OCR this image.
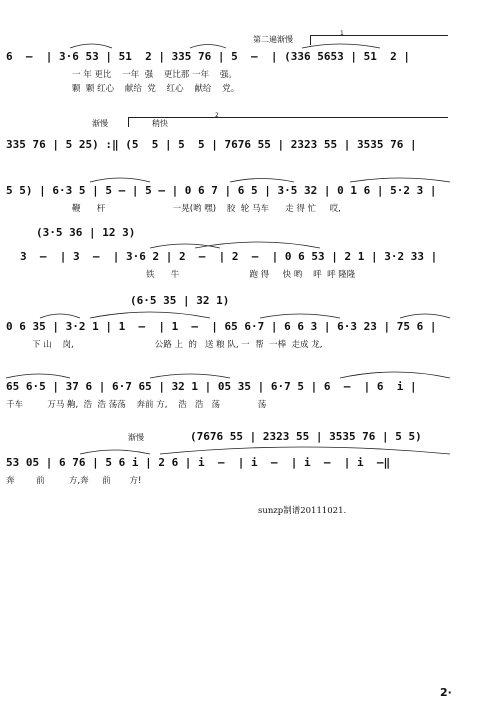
第二遍渐慢
1
6  –  | 3·6 53 | 51  2 | 335 76 | 5  –  | (336 5653 | 51  2 |
一 年 更比    一年  强    更比那 一年    强。
颗  颗 红心    献给  党    红心    献给    党。
渐慢	稍快
2
335 76 | 5 25) :‖ (5  5 | 5  5 | 7676 55 | 2323 55 | 3535 76 |
5 5) | 6·3 5 | 5 – | 5 – | 0 6 7 | 6 5 | 3·5 32 | 0 1 6 | 5·2 3 |
鞭      杆                         一晃(哟 嘿)    胶  轮 马车      走 得 忙     哎,
(3·5 36 | 12 3)
3  –  | 3  –  | 3·6 2 | 2  –  | 2  –  | 0 6 53 | 2 1 | 3·2 33 |
铁      牛                          跑 得     快 哟    呼  呼 隆隆
(6·5 35 | 32 1)
0 6 35 | 3·2 1 | 1  –  | 1  –  | 65 6·7 | 6 6 3 | 6·3 23 | 75 6 |
下 山    岗,                              公路 上  的   送 粮 队, 一  帮  一棒  走成 龙,
65 6·5 | 37 6 | 6·7 65 | 32 1 | 05 35 | 6·7 5 | 6  –  | 6  i |
千车         万马 齁,  浩  浩 荡荡    奔前 方,    浩   浩   荡              荡
渐慢	(7676 55 | 2323 55 | 3535 76 | 5 5)
53 05 | 6 76 | 5 6 i | 2 6 | i  –  | i  –  | i  –  | i  –‖
奔        前         方,奔     前       方!
sunzp制谱20111021.
2·
